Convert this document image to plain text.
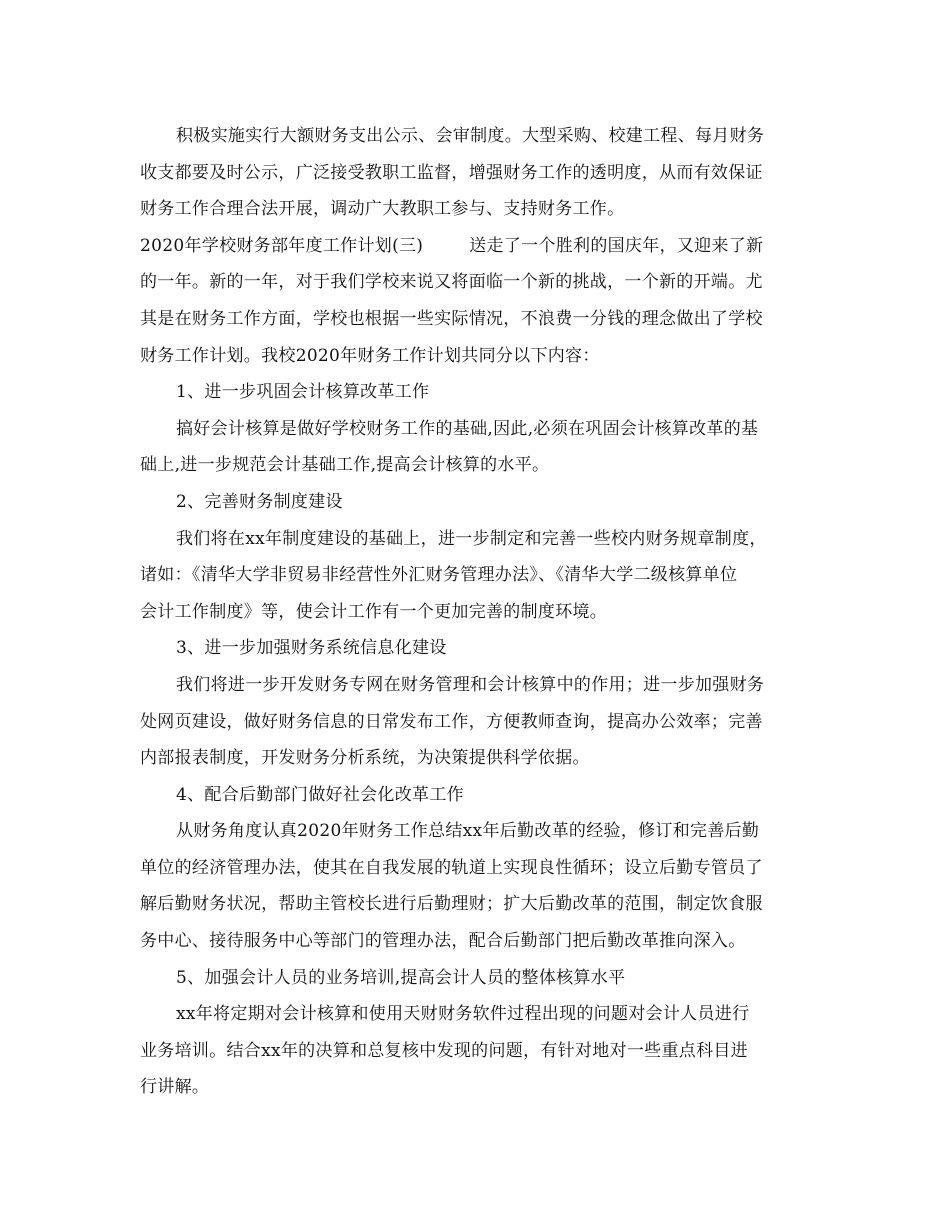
积极实施实行大额财务支出公示、会审制度。大型采购、校建工程、每月财务
收支都要及时公示，广泛接受教职工监督，增强财务工作的透明度，从而有效保证
财务工作合理合法开展，调动广大教职工参与、支持财务工作。
2020年学校财务部年度工作计划(三)	送走了一个胜利的国庆年，又迎来了新
的一年。新的一年，对于我们学校来说又将面临一个新的挑战，一个新的开端。尤
其是在财务工作方面，学校也根据一些实际情况，不浪费一分钱的理念做出了学校
财务工作计划。我校2020年财务工作计划共同分以下内容：
1、进一步巩固会计核算改革工作
搞好会计核算是做好学校财务工作的基础,因此,必须在巩固会计核算改革的基
础上,进一步规范会计基础工作,提高会计核算的水平。
2、完善财务制度建设
我们将在xx年制度建设的基础上，进一步制定和完善一些校内财务规章制度，
诸如：《清华大学非贸易非经营性外汇财务管理办法》、《清华大学二级核算单位
会计工作制度》等，使会计工作有一个更加完善的制度环境。
3、进一步加强财务系统信息化建设
我们将进一步开发财务专网在财务管理和会计核算中的作用；进一步加强财务
处网页建设，做好财务信息的日常发布工作，方便教师查询，提高办公效率；完善
内部报表制度，开发财务分析系统，为决策提供科学依据。
4、配合后勤部门做好社会化改革工作
从财务角度认真2020年财务工作总结xx年后勤改革的经验，修订和完善后勤
单位的经济管理办法，使其在自我发展的轨道上实现良性循环；设立后勤专管员了
解后勤财务状况，帮助主管校长进行后勤理财；扩大后勤改革的范围，制定饮食服
务中心、接待服务中心等部门的管理办法，配合后勤部门把后勤改革推向深入。
5、加强会计人员的业务培训,提高会计人员的整体核算水平
xx年将定期对会计核算和使用天财财务软件过程出现的问题对会计人员进行
业务培训。结合xx年的决算和总复核中发现的问题，有针对地对一些重点科目进
行讲解。
